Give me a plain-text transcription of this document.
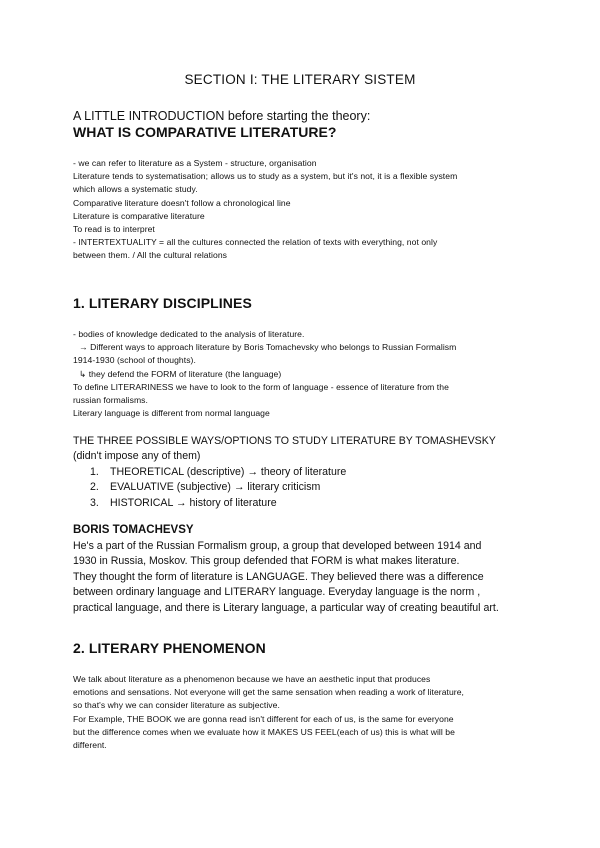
SECTION I: THE LITERARY SISTEM
A LITTLE INTRODUCTION before starting the theory:
WHAT IS COMPARATIVE LITERATURE?
- we can refer to literature as a System - structure, organisation
Literature tends to systematisation; allows us to study as a system, but it's not, it is a flexible system
which allows a systematic study.
Comparative literature doesn't follow a chronological line
Literature is comparative literature
To read is to interpret
- INTERTEXTUALITY = all the cultures connected the relation of texts with everything, not only
between them. / All the cultural relations
1. LITERARY DISCIPLINES
- bodies of knowledge dedicated to the analysis of literature.
→ Different ways to approach literature by Boris Tomachevsky who belongs to Russian Formalism
1914-1930 (school of thoughts).
↳ they defend the FORM of literature (the language)
To define LITERARINESS we have to look to the form of language - essence of literature from the
russian formalisms.
Literary language is different from normal language
THE THREE POSSIBLE WAYS/OPTIONS TO STUDY LITERATURE BY TOMASHEVSKY
(didn't impose any of them)
1.	THEORETICAL (descriptive) → theory of literature
2.	EVALUATIVE (subjective) → literary criticism
3.	HISTORICAL → history of literature
BORIS TOMACHEVSY
He's a part of the Russian Formalism group, a group that developed between 1914 and
1930 in Russia, Moskov. This group defended that FORM is what makes literature.
They thought the form of literature is LANGUAGE. They believed there was a difference
between ordinary language and LITERARY language. Everyday language is the norm ,
practical language, and there is Literary language, a particular way of creating beautiful art.
2. LITERARY PHENOMENON
We talk about literature as a phenomenon because we have an aesthetic input that produces
emotions and sensations. Not everyone will get the same sensation when reading a work of literature,
so that's why we can consider literature as subjective.
For Example, THE BOOK we are gonna read isn't different for each of us, is the same for everyone
but the difference comes when we evaluate how it MAKES US FEEL(each of us) this is what will be
different.
